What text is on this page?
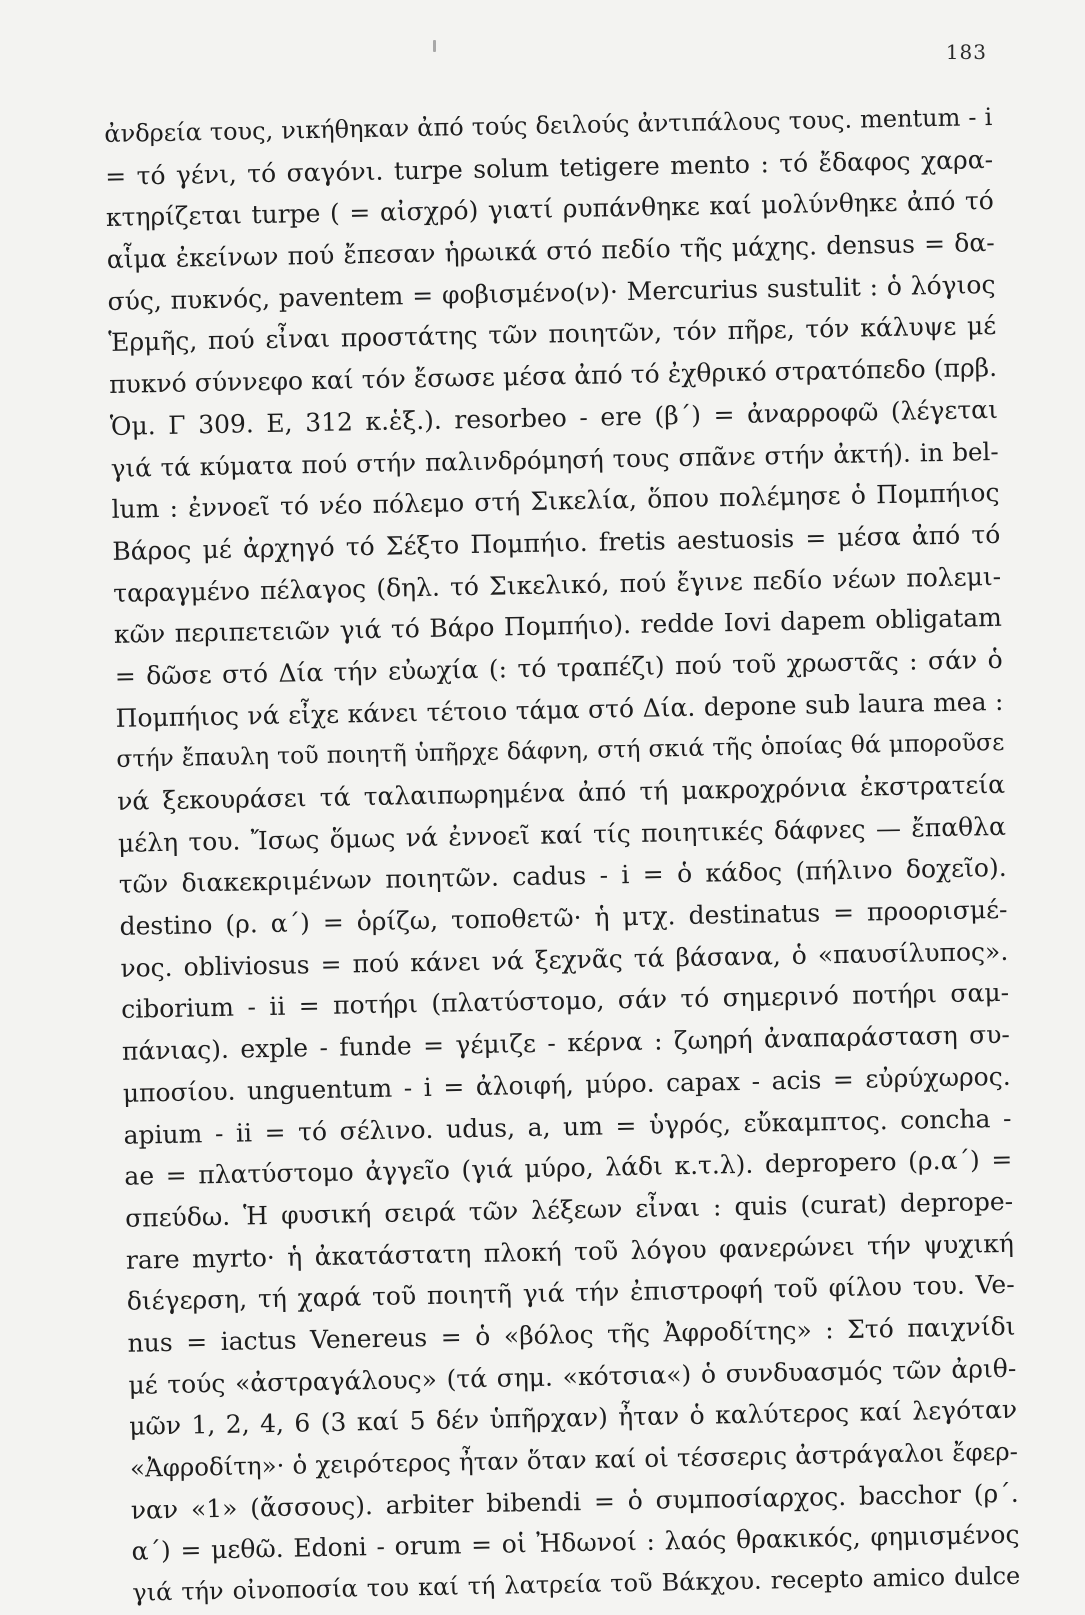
183
ἀνδρεία τους, νικήθηκαν ἀπό τούς δειλούς ἀντιπάλους τους. mentum - i
= τό γένι, τό σαγόνι. turpe solum tetigere mento : τό ἔδαφος χαρα-
κτηρίζεται turpe ( = αἰσχρό) γιατί ρυπάνθηκε καί μολύνθηκε ἀπό τό
αἷμα ἐκείνων πού ἔπεσαν ἡρωικά στό πεδίο τῆς μάχης. densus = δα-
σύς, πυκνός, paventem = φοβισμένο(ν)· Mercurius sustulit : ὁ λόγιος
Ἑρμῆς, πού εἶναι προστάτης τῶν ποιητῶν, τόν πῆρε, τόν κάλυψε μέ
πυκνό σύννεφο καί τόν ἔσωσε μέσα ἀπό τό ἐχθρικό στρατόπεδο (πρβ.
Ὁμ. Γ 309. Ε, 312 κ.ἑξ.). resorbeo - ere (β´) = ἀναρροφῶ (λέγεται
γιά τά κύματα πού στήν παλινδρόμησή τους σπᾶνε στήν ἀκτή). in bel-
lum : ἐννοεῖ τό νέο πόλεμο στή Σικελία, ὅπου πολέμησε ὁ Πομπήιος
Βάρος μέ ἀρχηγό τό Σέξτο Πομπήιο. fretis aestuosis = μέσα ἀπό τό
ταραγμένο πέλαγος (δηλ. τό Σικελικό, πού ἔγινε πεδίο νέων πολεμι-
κῶν περιπετειῶν γιά τό Βάρο Πομπήιο). redde Iovi dapem obligatam
= δῶσε στό Δία τήν εὐωχία (: τό τραπέζι) πού τοῦ χρωστᾶς : σάν ὁ
Πομπήιος νά εἶχε κάνει τέτοιο τάμα στό Δία. depone sub laura mea :
στήν ἔπαυλη τοῦ ποιητῆ ὑπῆρχε δάφνη, στή σκιά τῆς ὁποίας θά μποροῦσε
νά ξεκουράσει τά ταλαιπωρημένα ἀπό τή μακροχρόνια ἐκστρατεία
μέλη του. Ἴσως ὅμως νά ἐννοεῖ καί τίς ποιητικές δάφνες — ἔπαθλα
τῶν διακεκριμένων ποιητῶν. cadus - i = ὁ κάδος (πήλινο δοχεῖο).
destino (ρ. α´) = ὁρίζω, τοποθετῶ· ἡ μτχ. destinatus = προορισμέ-
νος. obliviosus = πού κάνει νά ξεχνᾶς τά βάσανα, ὁ «παυσίλυπος».
ciborium - ii = ποτήρι (πλατύστομο, σάν τό σημερινό ποτήρι σαμ-
πάνιας). exple - funde = γέμιζε - κέρνα : ζωηρή ἀναπαράσταση συ-
μποσίου. unguentum - i = ἀλοιφή, μύρο. capax - acis = εὐρύχωρος.
apium - ii = τό σέλινο. udus, a, um = ὑγρός, εὔκαμπτος. concha -
ae = πλατύστομο ἀγγεῖο (γιά μύρο, λάδι κ.τ.λ). depropero (ρ.α´) =
σπεύδω. Ἡ φυσική σειρά τῶν λέξεων εἶναι : quis (curat) deprope-
rare myrto· ἡ ἀκατάστατη πλοκή τοῦ λόγου φανερώνει τήν ψυχική
διέγερση, τή χαρά τοῦ ποιητῆ γιά τήν ἐπιστροφή τοῦ φίλου του. Ve-
nus = iactus Venereus = ὁ «βόλος τῆς Ἀφροδίτης» : Στό παιχνίδι
μέ τούς «ἀστραγάλους» (τά σημ. «κότσια«) ὁ συνδυασμός τῶν ἀριθ-
μῶν 1, 2, 4, 6 (3 καί 5 δέν ὑπῆρχαν) ἦταν ὁ καλύτερος καί λεγόταν
«Ἀφροδίτη»· ὁ χειρότερος ἦταν ὅταν καί οἱ τέσσερις ἀστράγαλοι ἔφερ-
ναν «1» (ἄσσους). arbiter bibendi = ὁ συμποσίαρχος. bacchor (ρ´.
α´) = μεθῶ. Edoni - orum = οἱ Ἠδωνοί : λαός θρακικός, φημισμένος
γιά τήν οἰνοποσία του καί τή λατρεία τοῦ Βάκχου. recepto amico dulce
